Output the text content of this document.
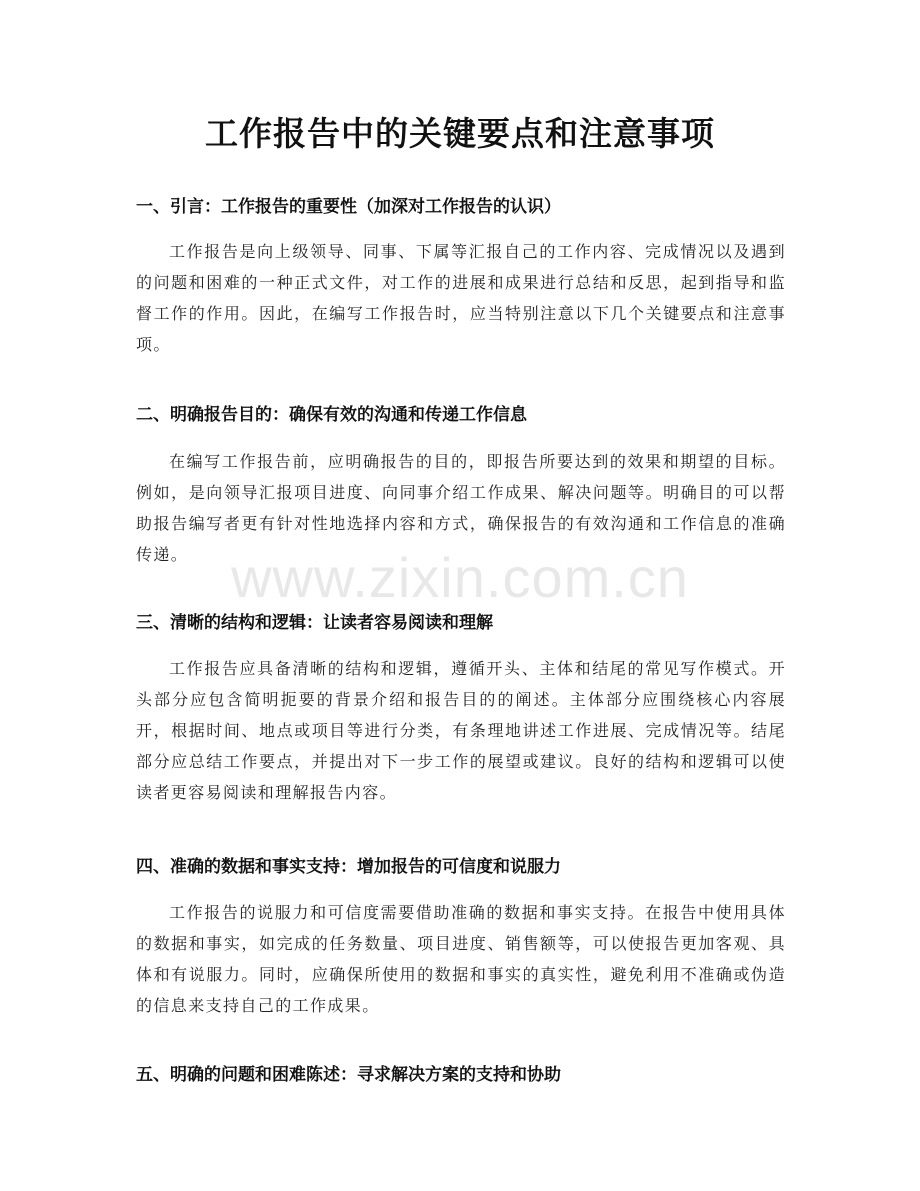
工作报告中的关键要点和注意事项
一、引言：工作报告的重要性（加深对工作报告的认识）

工作报告是向上级领导、同事、下属等汇报自己的工作内容、完成情况以及遇到的问题和困难的一种正式文件，对工作的进展和成果进行总结和反思，起到指导和监督工作的作用。因此，在编写工作报告时，应当特别注意以下几个关键要点和注意事项。

二、明确报告目的：确保有效的沟通和传递工作信息

在编写工作报告前，应明确报告的目的，即报告所要达到的效果和期望的目标。例如，是向领导汇报项目进度、向同事介绍工作成果、解决问题等。明确目的可以帮助报告编写者更有针对性地选择内容和方式，确保报告的有效沟通和工作信息的准确传递。

三、清晰的结构和逻辑：让读者容易阅读和理解

工作报告应具备清晰的结构和逻辑，遵循开头、主体和结尾的常见写作模式。开头部分应包含简明扼要的背景介绍和报告目的的阐述。主体部分应围绕核心内容展开，根据时间、地点或项目等进行分类，有条理地讲述工作进展、完成情况等。结尾部分应总结工作要点，并提出对下一步工作的展望或建议。良好的结构和逻辑可以使读者更容易阅读和理解报告内容。

四、准确的数据和事实支持：增加报告的可信度和说服力

工作报告的说服力和可信度需要借助准确的数据和事实支持。在报告中使用具体的数据和事实，如完成的任务数量、项目进度、销售额等，可以使报告更加客观、具体和有说服力。同时，应确保所使用的数据和事实的真实性，避免利用不准确或伪造的信息来支持自己的工作成果。

五、明确的问题和困难陈述：寻求解决方案的支持和协助
www.zixin.com.cn
